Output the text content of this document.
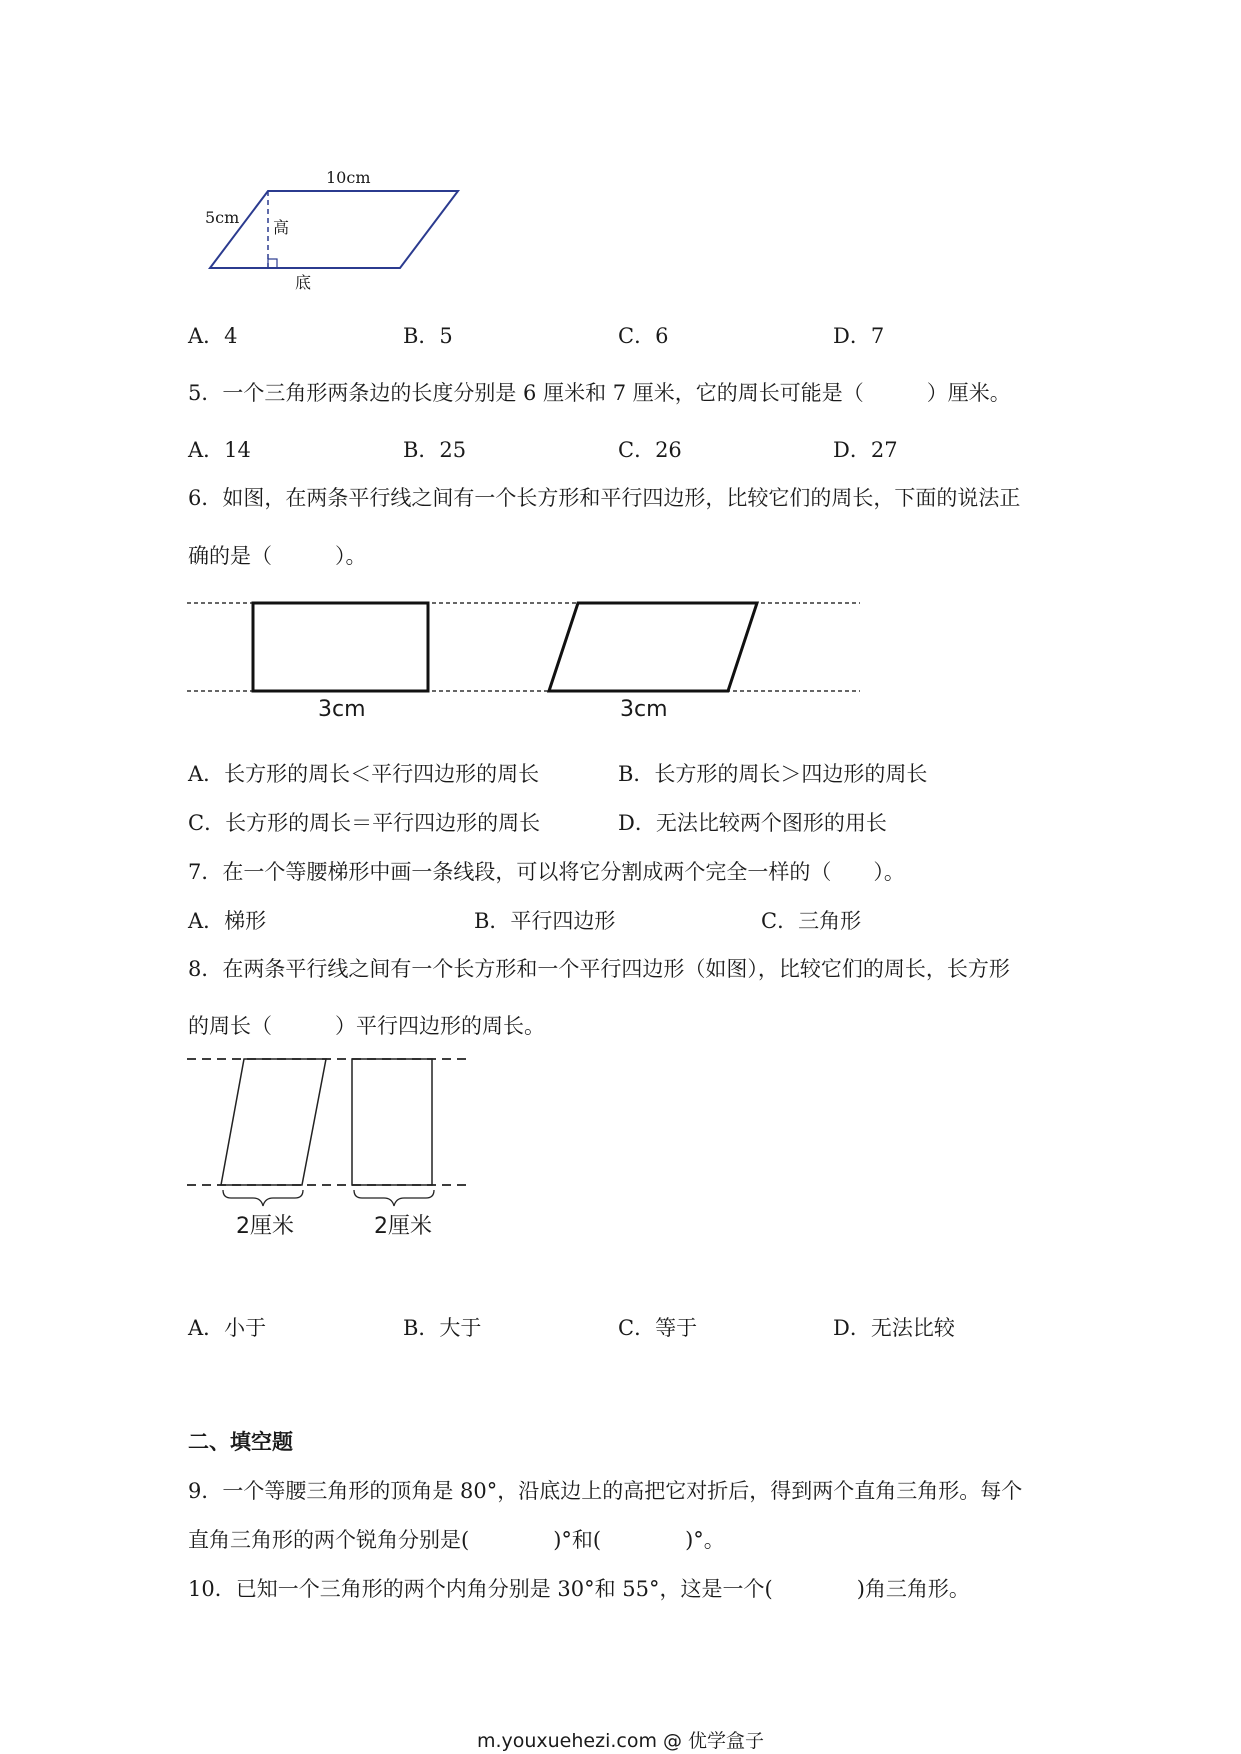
10cm
5cm
高
底
A．4	B．5	C．6	D．7
5．一个三角形两条边的长度分别是 6 厘米和 7 厘米，它的周长可能是（　　　）厘米。
A．14	B．25	C．26	D．27
6．如图，在两条平行线之间有一个长方形和平行四边形，比较它们的周长，下面的说法正
确的是（　　　）。
3cm	3cm
A．长方形的周长＜平行四边形的周长	B．长方形的周长＞四边形的周长
C．长方形的周长＝平行四边形的周长	D．无法比较两个图形的用长
7．在一个等腰梯形中画一条线段，可以将它分割成两个完全一样的（　　）。
A．梯形	B．平行四边形	C．三角形
8．在两条平行线之间有一个长方形和一个平行四边形（如图），比较它们的周长，长方形
的周长（　　　）平行四边形的周长。
2厘米	2厘米
A．小于	B．大于	C．等于	D．无法比较
二、填空题
9．一个等腰三角形的顶角是 80°，沿底边上的高把它对折后，得到两个直角三角形。每个
直角三角形的两个锐角分别是(　　　　)°和(　　　　)°。
10．已知一个三角形的两个内角分别是 30°和 55°，这是一个(　　　　)角三角形。
m.youxuehezi.com @ 优学盒子
